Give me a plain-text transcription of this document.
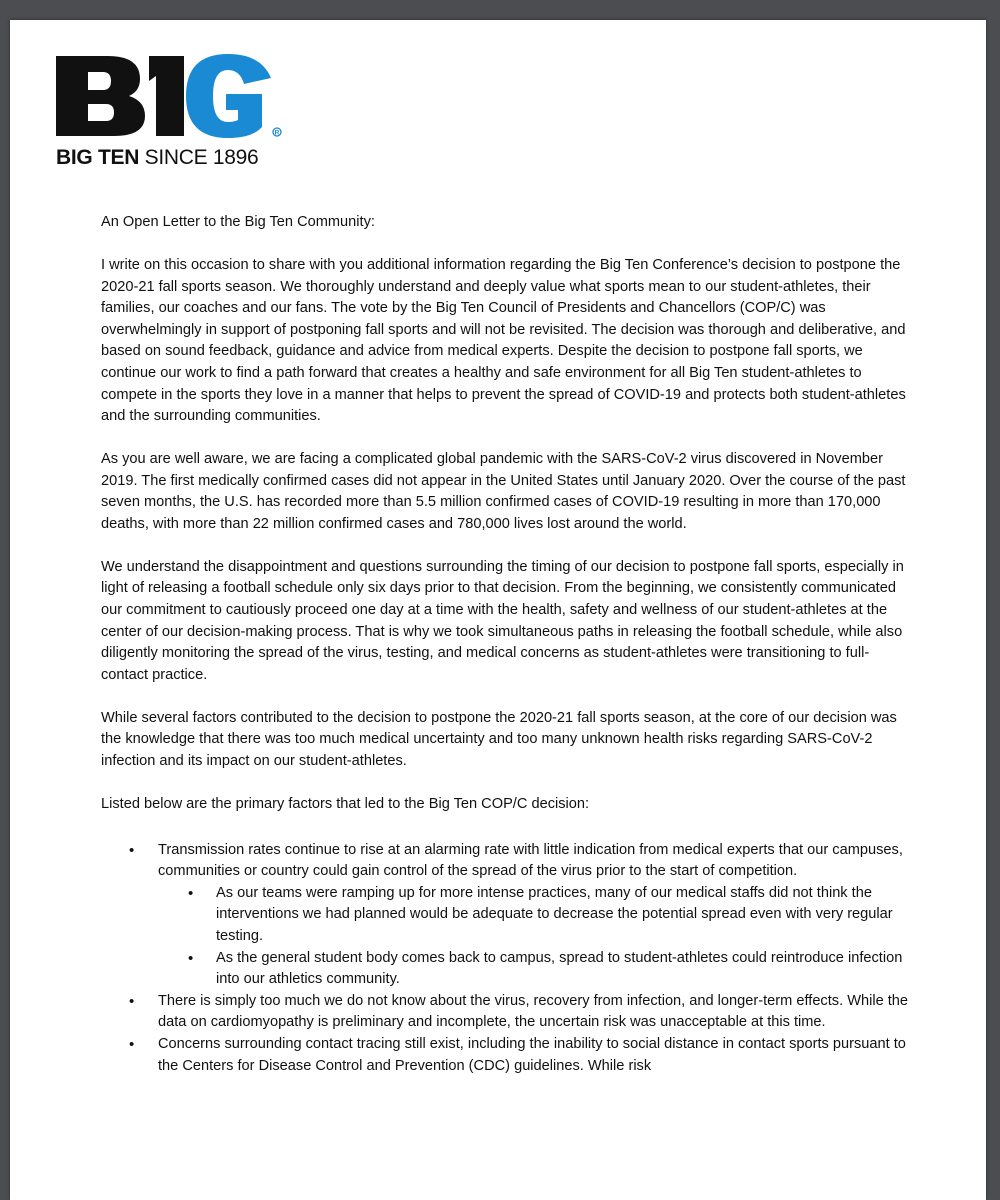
R
BIG TEN SINCE 1896

An Open Letter to the Big Ten Community:

I write on this occasion to share with you additional information regarding the Big Ten Conference’s decision to postpone the 2020-21 fall sports season. We thoroughly understand and deeply value what sports mean to our student-athletes, their families, our coaches and our fans. The vote by the Big Ten Council of Presidents and Chancellors (COP/C) was overwhelmingly in support of postponing fall sports and will not be revisited. The decision was thorough and deliberative, and based on sound feedback, guidance and advice from medical experts. Despite the decision to postpone fall sports, we continue our work to find a path forward that creates a healthy and safe environment for all Big Ten student-athletes to compete in the sports they love in a manner that helps to prevent the spread of COVID-19 and protects both student-athletes and the surrounding communities.

As you are well aware, we are facing a complicated global pandemic with the SARS-CoV-2 virus discovered in November 2019. The first medically confirmed cases did not appear in the United States until January 2020. Over the course of the past seven months, the U.S. has recorded more than 5.5 million confirmed cases of COVID-19 resulting in more than 170,000 deaths, with more than 22 million confirmed cases and 780,000 lives lost around the world.

We understand the disappointment and questions surrounding the timing of our decision to postpone fall sports, especially in light of releasing a football schedule only six days prior to that decision. From the beginning, we consistently communicated our commitment to cautiously proceed one day at a time with the health, safety and wellness of our student-athletes at the center of our decision-making process. That is why we took simultaneous paths in releasing the football schedule, while also diligently monitoring the spread of the virus, testing, and medical concerns as student-athletes were transitioning to full-contact practice.

While several factors contributed to the decision to postpone the 2020-21 fall sports season, at the core of our decision was the knowledge that there was too much medical uncertainty and too many unknown health risks regarding SARS-CoV-2 infection and its impact on our student-athletes.

Listed below are the primary factors that led to the Big Ten COP/C decision:

• Transmission rates continue to rise at an alarming rate with little indication from medical experts that our campuses, communities or country could gain control of the spread of the virus prior to the start of competition.
• As our teams were ramping up for more intense practices, many of our medical staffs did not think the interventions we had planned would be adequate to decrease the potential spread even with very regular testing.
• As the general student body comes back to campus, spread to student-athletes could reintroduce infection into our athletics community.
• There is simply too much we do not know about the virus, recovery from infection, and longer-term effects. While the data on cardiomyopathy is preliminary and incomplete, the uncertain risk was unacceptable at this time.
• Concerns surrounding contact tracing still exist, including the inability to social distance in contact sports pursuant to the Centers for Disease Control and Prevention (CDC) guidelines. While risk
